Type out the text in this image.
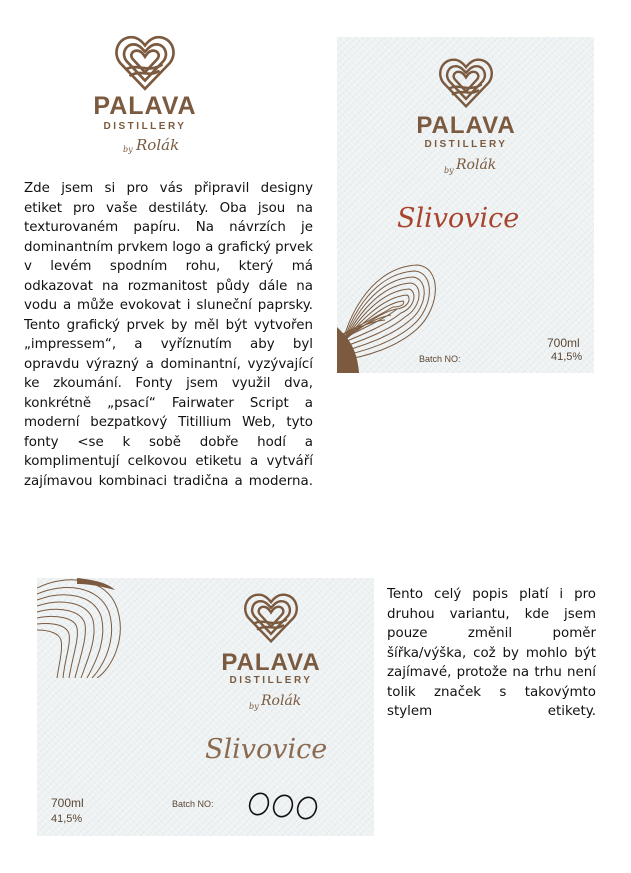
PALAVA
DISTILLERY
by Rolák
Zde jsem si pro vás připravil designy etiket pro vaše destiláty. Oba jsou na texturovaném papíru. Na návrzích je dominantním prvkem logo a grafický prvek v levém spodním rohu, který má odkazovat na rozmanitost půdy dále na vodu a může evokovat i sluneční paprsky. Tento grafický prvek by měl být vytvořen „impressem“, a vyříznutím aby byl opravdu výrazný a dominantní, vyzývající ke zkoumání. Fonty jsem využil dva, konkrétně „psací“ Fairwater Script a moderní bezpatkový Titillium Web, tyto fonty <se k sobě dobře hodí a komplimentují celkovou etiketu a vytváří zajímavou kombinaci tradična a moderna.
PALAVA
DISTILLERY
by Rolák
Slivovice
Batch NO:
700ml
41,5%
PALAVA
DISTILLERY
by Rolák
Slivovice
700ml
41,5%
Batch NO:
Tento celý popis platí i pro druhou variantu, kde jsem pouze změnil poměr šířka/výška, což by mohlo být zajímavé, protože na trhu není tolik značek s takovýmto stylem etikety.
